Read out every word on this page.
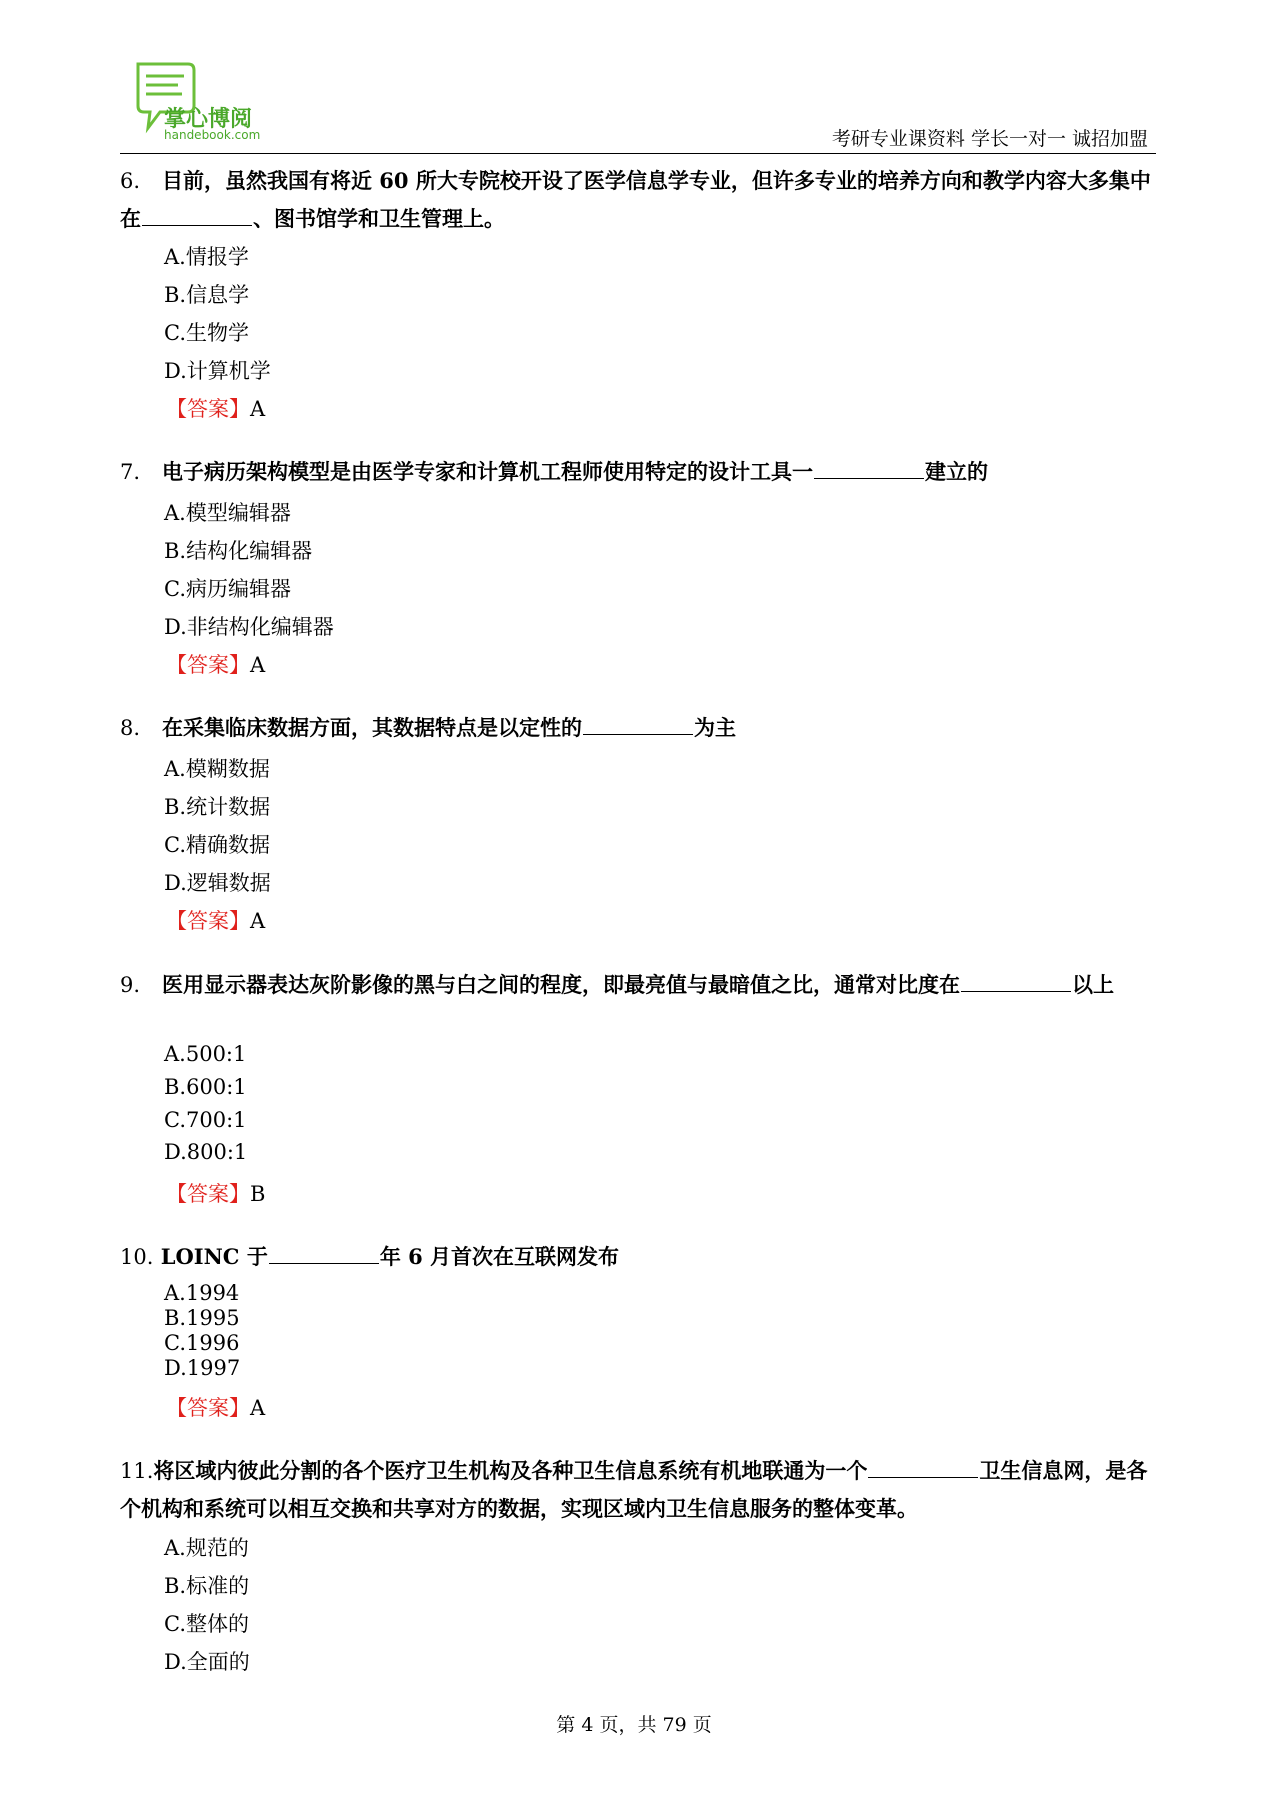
掌心博阅
handebook.com	考研专业课资料 学长一对一 诚招加盟
6. 目前，虽然我国有将近 60 所大专院校开设了医学信息学专业，但许多专业的培养方向和教学内容大多集中在	、图书馆学和卫生管理上。
A.情报学
B.信息学
C.生物学
D.计算机学
【答案】A
7. 电子病历架构模型是由医学专家和计算机工程师使用特定的设计工具一	建立的
A.模型编辑器
B.结构化编辑器
C.病历编辑器
D.非结构化编辑器
【答案】A
8. 在采集临床数据方面，其数据特点是以定性的	为主
A.模糊数据
B.统计数据
C.精确数据
D.逻辑数据
【答案】A
9. 医用显示器表达灰阶影像的黑与白之间的程度，即最亮值与最暗值之比，通常对比度在	以上
A.500:1
B.600:1
C.700:1
D.800:1
【答案】B
10. LOINC 于	年 6 月首次在互联网发布
A.1994
B.1995
C.1996
D.1997
【答案】A
11.将区域内彼此分割的各个医疗卫生机构及各种卫生信息系统有机地联通为一个	卫生信息网，是各个机构和系统可以相互交换和共享对方的数据，实现区域内卫生信息服务的整体变革。
A.规范的
B.标准的
C.整体的
D.全面的
第 4 页，共 79 页
